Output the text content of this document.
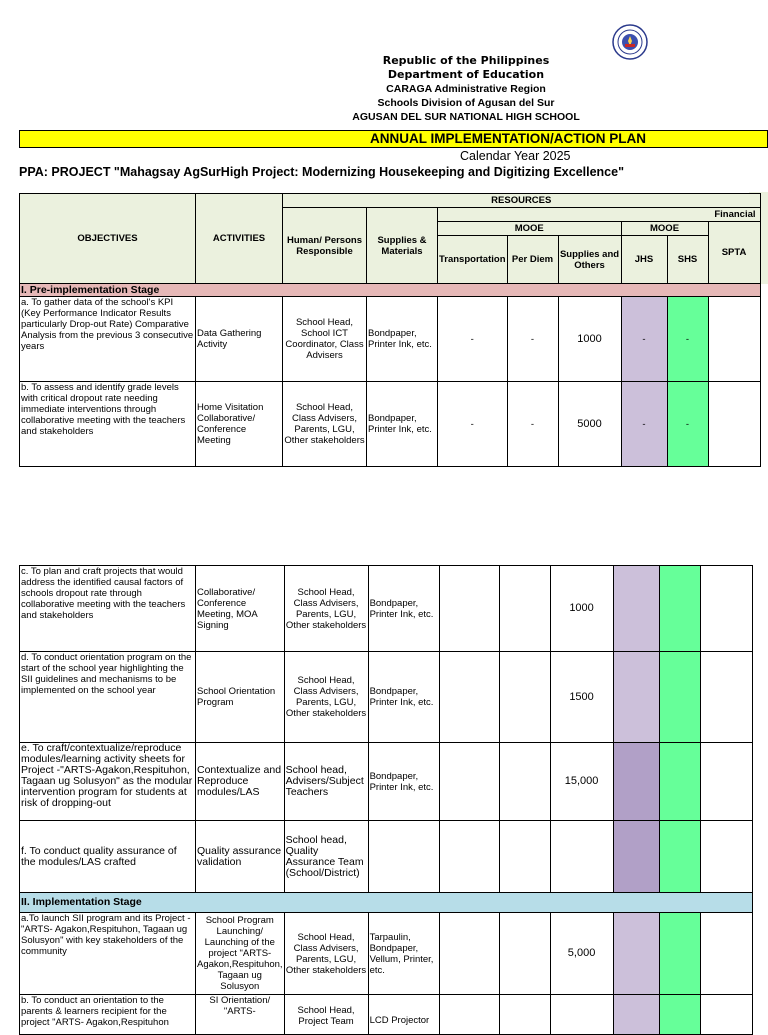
Republic of the Philippines
Department of Education
CARAGA Administrative Region
Schools Division of Agusan del Sur
AGUSAN DEL SUR NATIONAL HIGH SCHOOL
ANNUAL IMPLEMENTATION/ACTION PLAN
Calendar Year 2025
PPA: PROJECT "Mahagsay AgSurHigh Project: Modernizing Housekeeping and Digitizing Excellence"
OBJECTIVES	ACTIVITIES	RESOURCES							
		Human/ Persons Responsible	Supplies & Materials	Financial					
				MOOE			MOOE		SPTA
				Transportation	Per Diem	Supplies and Others	JHS	SHS	
I. Pre-implementation Stage									
a. To gather data of the school's KPI (Key Performance Indicator Results particularly Drop-out Rate) Comparative Analysis from the previous 3 consecutive years	Data Gathering Activity	School Head, School ICT Coordinator, Class Advisers	Bondpaper, Printer Ink, etc.	-	-	1000	-	-	
b. To assess and identify grade levels with critical dropout rate needing immediate interventions through collaborative meeting with the teachers and stakeholders	Home Visitation Collaborative/ Conference Meeting	School Head, Class Advisers, Parents, LGU, Other stakeholders	Bondpaper, Printer Ink, etc.	-	-	5000	-	-	
c. To plan and craft projects that would address the identified causal factors of schools dropout rate through collaborative meeting with the teachers and stakeholders	Collaborative/ Conference Meeting, MOA Signing	School Head, Class Advisers, Parents, LGU, Other stakeholders	Bondpaper, Printer Ink, etc.			1000			
d. To conduct orientation program on the start of the school year highlighting the SII guidelines and mechanisms to be implemented on the school year	School Orientation Program	School Head, Class Advisers, Parents, LGU, Other stakeholders	Bondpaper, Printer Ink, etc.			1500			
e. To craft/contextualize/reproduce modules/learning activity sheets for Project -"ARTS-Agakon,Respituhon, Tagaan ug Solusyon" as the modular intervention program for students at risk of dropping-out	Contextualize and Reproduce modules/LAS	School head, Advisers/Subject Teachers	Bondpaper, Printer Ink, etc.			15,000			
f. To conduct quality assurance of the modules/LAS crafted	Quality assurance validation	School head, Quality Assurance Team (School/District)							
II. Implementation Stage									
a.To launch SII program and its Project - "ARTS- Agakon,Respituhon, Tagaan ug Solusyon" with key stakeholders of the community	School Program Launching/ Launching of the project "ARTS-Agakon,Respituhon, Tagaan ug Solusyon	School Head, Class Advisers, Parents, LGU, Other stakeholders	Tarpaulin, Bondpaper, Vellum, Printer, etc.			5,000			
b. To conduct an orientation to the parents & learners recipient for the project "ARTS- Agakon,Respituhon	SI Orientation/ "ARTS-	School Head, Project Team	LCD Projector						
